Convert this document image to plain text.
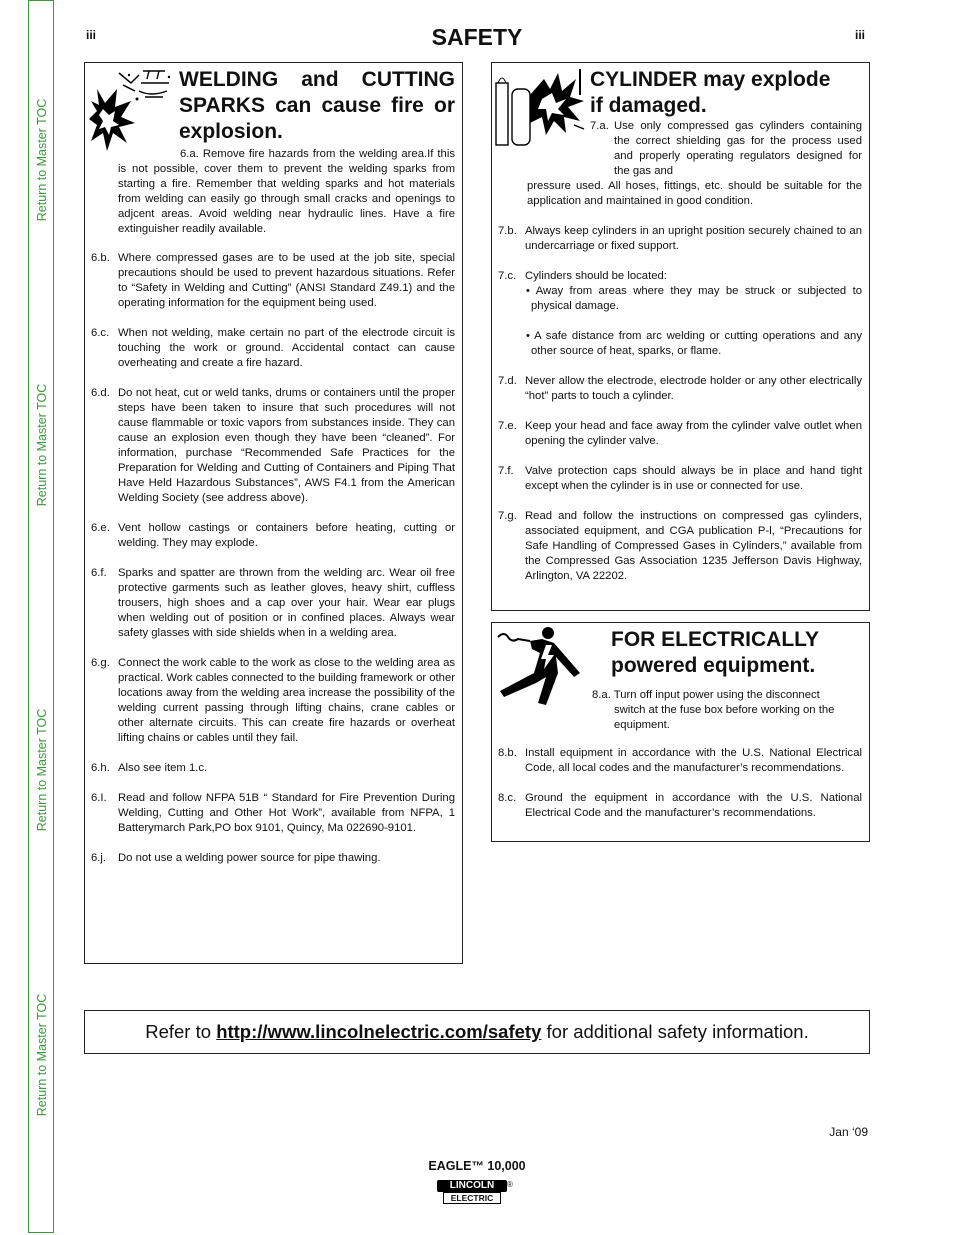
Return to Master TOC
Return to Master TOC
Return to Master TOC
Return to Master TOC
iii	iii
SAFETY
WELDING and CUTTING
SPARKS can cause fire or
explosion.
6.a. Remove fire hazards from the welding area.If this is not possible, cover them to prevent the welding sparks from starting a fire. Remember that welding sparks and hot materials from welding can easily go through small cracks and openings to adjcent areas. Avoid welding near hydraulic lines. Have a fire extinguisher readily available.
6.b. Where compressed gases are to be used at the job site, special precautions should be used to prevent hazardous situations. Refer to “Safety in Welding and Cutting” (ANSI Standard Z49.1) and the operating information for the equipment being used.
6.c. When not welding, make certain no part of the electrode circuit is touching the work or ground. Accidental contact can cause overheating and create a fire hazard.
6.d. Do not heat, cut or weld tanks, drums or containers until the proper steps have been taken to insure that such procedures will not cause flammable or toxic vapors from substances inside. They can cause an explosion even though they have been “cleaned”. For information, purchase “Recommended Safe Practices for the Preparation for Welding and Cutting of Containers and Piping That Have Held Hazardous Substances”, AWS F4.1 from the American Welding Society (see address above).
6.e. Vent hollow castings or containers before heating, cutting or welding. They may explode.
6.f. Sparks and spatter are thrown from the welding arc. Wear oil free protective garments such as leather gloves, heavy shirt, cuffless trousers, high shoes and a cap over your hair. Wear ear plugs when welding out of position or in confined places. Always wear safety glasses with side shields when in a welding area.
6.g. Connect the work cable to the work as close to the welding area as practical. Work cables connected to the building framework or other locations away from the welding area increase the possibility of the welding current passing through lifting chains, crane cables or other alternate circuits. This can create fire hazards or overheat lifting chains or cables until they fail.
6.h. Also see item 1.c.
6.I. Read and follow NFPA 51B “ Standard for Fire Prevention During Welding, Cutting and Other Hot Work”, available from NFPA, 1 Batterymarch Park,PO box 9101, Quincy, Ma 022690-9101.
6.j. Do not use a welding power source for pipe thawing.
CYLINDER may explode
if damaged.
7.a. Use only compressed gas cylinders containing the correct shielding gas for the process used and properly operating regulators designed for the gas and
pressure used. All hoses, fittings, etc. should be suitable for the application and maintained in good condition.
7.b. Always keep cylinders in an upright position securely chained to an undercarriage or fixed support.
7.c. Cylinders should be located:
• Away from areas where they may be struck or subjected to physical damage.
• A safe distance from arc welding or cutting operations and any other source of heat, sparks, or flame.
7.d. Never allow the electrode, electrode holder or any other electrically “hot” parts to touch a cylinder.
7.e. Keep your head and face away from the cylinder valve outlet when opening the cylinder valve.
7.f. Valve protection caps should always be in place and hand tight except when the cylinder is in use or connected for use.
7.g. Read and follow the instructions on compressed gas cylinders, associated equipment, and CGA publication P-l, “Precautions for Safe Handling of Compressed Gases in Cylinders,” available from the Compressed Gas Association 1235 Jefferson Davis Highway, Arlington, VA 22202.
FOR ELECTRICALLY
powered equipment.
8.a. Turn off input power using the disconnect switch at the fuse box before working on the equipment.
8.b. Install equipment in accordance with the U.S. National Electrical Code, all local codes and the manufacturer’s recommendations.
8.c. Ground the equipment in accordance with the U.S. National Electrical Code and the manufacturer’s recommendations.
Refer to http://www.lincolnelectric.com/safety for additional safety information.
Jan ‘09
EAGLE™ 10,000
LINCOLN
ELECTRIC
®
